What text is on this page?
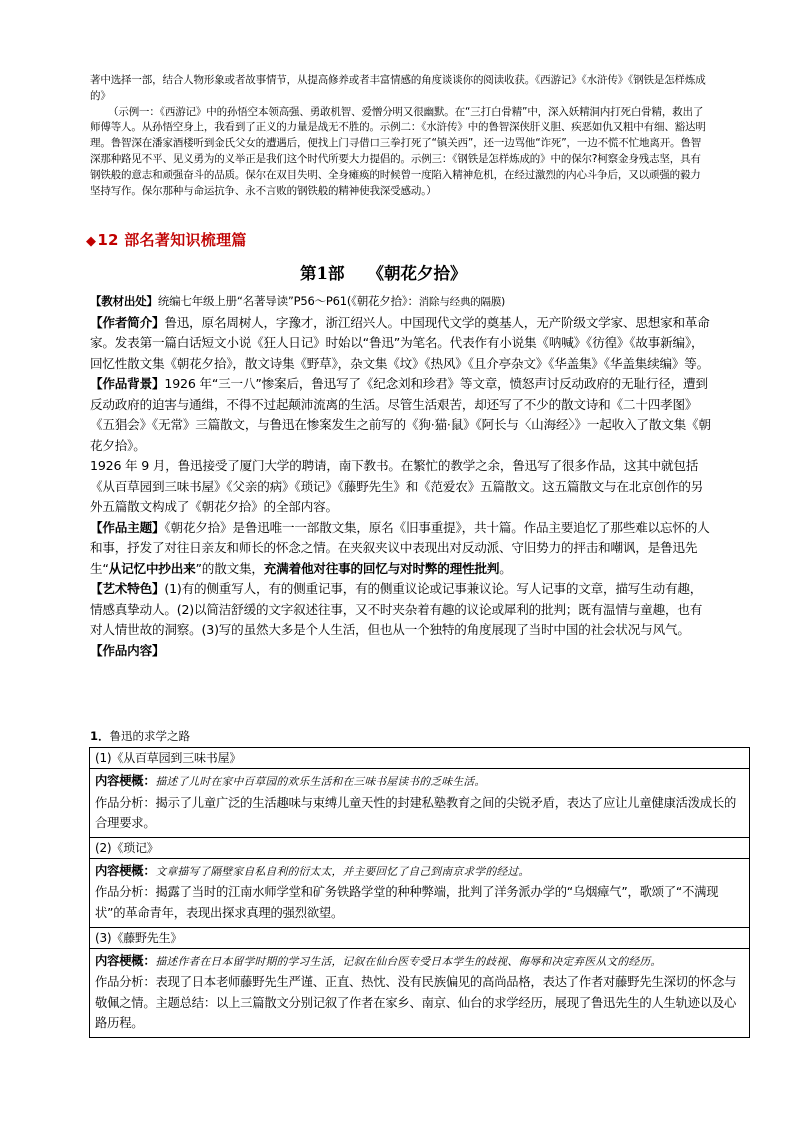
著中选择一部，结合人物形象或者故事情节，从提高修养或者丰富情感的角度谈谈你的阅读收获。《西游记》《水浒传》《钢铁是怎样炼成的》

（示例一：《西游记》中的孙悟空本领高强、勇敢机智、爱憎分明又很幽默。在“三打白骨精”中，深入妖精洞内打死白骨精，救出了师傅等人。从孙悟空身上，我看到了正义的力量是战无不胜的。示例二：《水浒传》中的鲁智深侠肝义胆、疾恶如仇又粗中有细、豁达明理。鲁智深在潘家酒楼听到金氏父女的遭遇后，便找上门寻借口三拳打死了“镇关西”，还一边骂他“诈死”，一边不慌不忙地离开。鲁智深那种路见不平、见义勇为的义举正是我们这个时代所要大力提倡的。示例三：《钢铁是怎样炼成的》中的保尔?柯察金身残志坚，具有钢铁般的意志和顽强奋斗的品质。保尔在双目失明、全身瘫痪的时候曾一度陷入精神危机，在经过激烈的内心斗争后，又以顽强的毅力坚持写作。保尔那种与命运抗争、永不言败的钢铁般的精神使我深受感动。）

◆12 部名著知识梳理篇
第1部    《朝花夕拾》

【教材出处】统编七年级上册“名著导读”P56～P61(《朝花夕拾》：消除与经典的隔膜)

【作者简介】鲁迅，原名周树人，字豫才，浙江绍兴人。中国现代文学的奠基人，无产阶级文学家、思想家和革命家。发表第一篇白话短文小说《狂人日记》时始以“鲁迅”为笔名。代表作有小说集《呐喊》《彷徨》《故事新编》，回忆性散文集《朝花夕拾》，散文诗集《野草》，杂文集《坟》《热风》《且介亭杂文》《华盖集》《华盖集续编》等。

【作品背景】1926 年“三一八”惨案后，鲁迅写了《纪念刘和珍君》等文章，愤怒声讨反动政府的无耻行径，遭到反动政府的迫害与通缉，不得不过起颠沛流离的生活。尽管生活艰苦，却还写了不少的散文诗和《二十四孝图》《五猖会》《无常》三篇散文，与鲁迅在惨案发生之前写的《狗·猫·鼠》《阿长与〈山海经〉》一起收入了散文集《朝花夕拾》。

1926 年 9 月，鲁迅接受了厦门大学的聘请，南下教书。在繁忙的教学之余，鲁迅写了很多作品，这其中就包括《从百草园到三味书屋》《父亲的病》《琐记》《藤野先生》和《范爱农》五篇散文。这五篇散文与在北京创作的另外五篇散文构成了《朝花夕拾》的全部内容。

【作品主题】《朝花夕拾》是鲁迅唯一一部散文集，原名《旧事重提》，共十篇。作品主要追忆了那些难以忘怀的人和事，抒发了对往日亲友和师长的怀念之情。在夹叙夹议中表现出对反动派、守旧势力的抨击和嘲讽，是鲁迅先生“从记忆中抄出来”的散文集，充满着他对往事的回忆与对时弊的理性批判。

【艺术特色】(1)有的侧重写人，有的侧重记事，有的侧重议论或记事兼议论。写人记事的文章，描写生动有趣，情感真挚动人。(2)以简洁舒缓的文字叙述往事，又不时夹杂着有趣的议论或犀利的批判；既有温情与童趣，也有对人情世故的洞察。(3)写的虽然大多是个人生活，但也从一个独特的角度展现了当时中国的社会状况与风气。

【作品内容】

1．鲁迅的求学之路
(1)《从百草园到三味书屋》
内容梗概：描述了儿时在家中百草园的欢乐生活和在三味书屋读书的乏味生活。
作品分析：揭示了儿童广泛的生活趣味与束缚儿童天性的封建私塾教育之间的尖锐矛盾，表达了应让儿童健康活泼成长的合理要求。
(2)《琐记》
内容梗概：文章描写了隔壁家自私自利的衍太太，并主要回忆了自己到南京求学的经过。
作品分析：揭露了当时的江南水师学堂和矿务铁路学堂的种种弊端，批判了洋务派办学的“乌烟瘴气”，歌颂了“不满现状”的革命青年，表现出探求真理的强烈欲望。
(3)《藤野先生》
内容梗概：描述作者在日本留学时期的学习生活，记叙在仙台医专受日本学生的歧视、侮辱和决定弃医从文的经历。
作品分析：表现了日本老师藤野先生严谨、正直、热忱、没有民族偏见的高尚品格，表达了作者对藤野先生深切的怀念与敬佩之情。主题总结：以上三篇散文分别记叙了作者在家乡、南京、仙台的求学经历，展现了鲁迅先生的人生轨迹以及心路历程。
